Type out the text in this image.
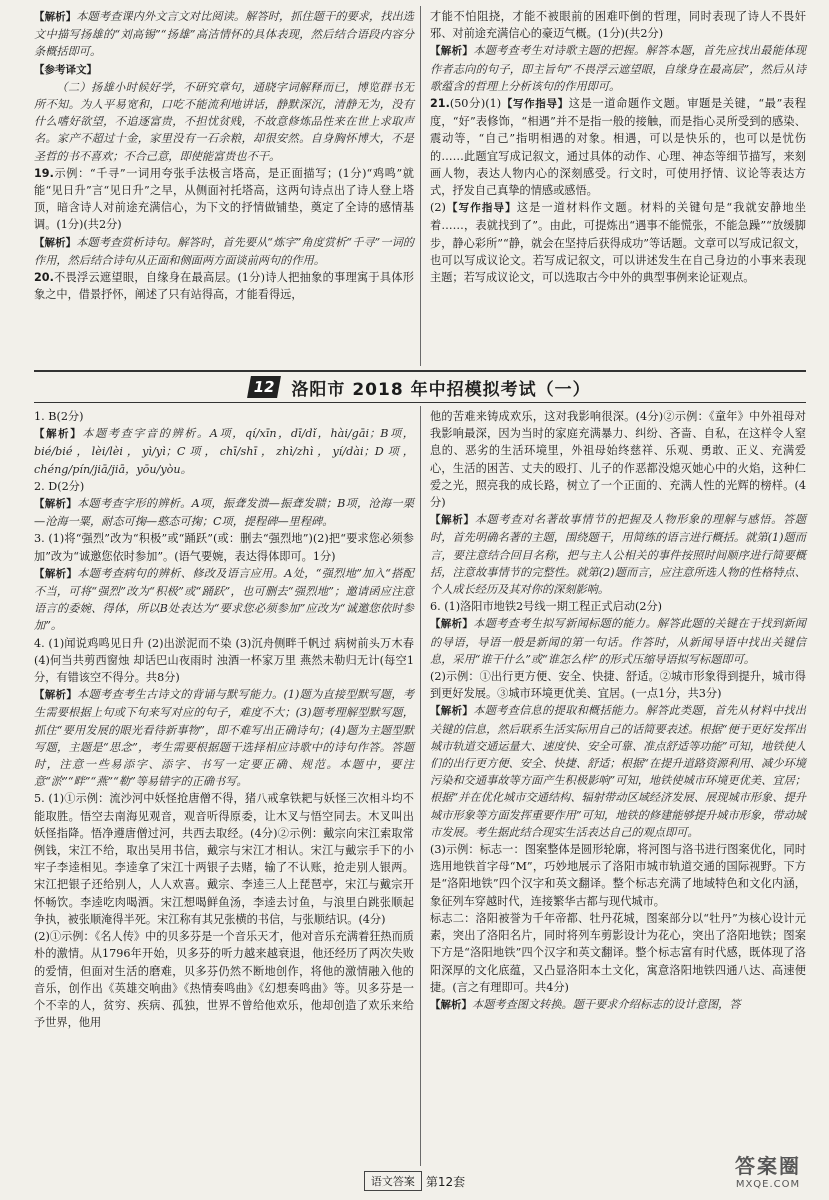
【解析】本题考查课内外文言文对比阅读。解答时，抓住题干的要求，找出选文中描写扬雄的“刘高锡”“扬雄”高洁情怀的具体表现，然后结合语段内容分条概括即可。

【参考译文】

（二）扬雄小时候好学，不研究章句，通晓字词解释而已，博览群书无所不知。为人平易宽和，口吃不能流利地讲话，静默深沉，清静无为，没有什么嗜好欲望，不追逐富贵，不担忧贫贱，不故意修炼品性来在世上求取声名。家产不超过十金，家里没有一石余粮，却很安然。自身胸怀博大，不是圣哲的书不喜欢；不合己意，即使能富贵也不干。

19.示例：“千寻”一词用夸张手法极言塔高，是正面描写；(1分)“鸡鸣”就能“见日升”言“见日升”之早，从侧面衬托塔高，这两句诗点出了诗人登上塔顶，暗含诗人对前途充满信心，为下文的抒情做铺垫，奠定了全诗的感情基调。(1分)(共2分)

【解析】本题考查赏析诗句。解答时，首先要从“炼字”角度赏析“千寻”一词的作用，然后结合诗句从正面和侧面两方面谈前两句的作用。

20.不畏浮云遮望眼，自缘身在最高层。(1分)诗人把抽象的事理寓于具体形象之中，借景抒怀，阐述了只有站得高，才能看得远，

才能不怕阻挠，才能不被眼前的困难吓倒的哲理，同时表现了诗人不畏奸邪、对前途充满信心的豪迈气概。(1分)(共2分)

【解析】本题考查考生对诗歌主题的把握。解答本题，首先应找出最能体现作者志向的句子，即主旨句“不畏浮云遮望眼，自缘身在最高层”，然后从诗歌蕴含的哲理上分析该句的作用即可。

21.(50分)(1)【写作指导】这是一道命题作文题。审题是关键，“最”表程度，“好”表修饰，“相遇”并不是指一般的接触，而是指心灵所受到的感染、震动等，“自己”指明相遇的对象。相遇，可以是快乐的，也可以是忧伤的……此题宜写成记叙文，通过具体的动作、心理、神态等细节描写，来刻画人物，表达人物内心的深刻感受。行文时，可使用抒情、议论等表达方式，抒发自己真挚的情感或感悟。

(2)【写作指导】这是一道材料作文题。材料的关键句是“我就安静地坐着……，表就找到了”。由此，可提炼出“遇事不能慌张，不能急躁”“放缓脚步，静心彩所”“静，就会在坚持后获得成功”等话题。文章可以写成记叙文，也可以写成议论文。若写成记叙文，可以讲述发生在自己身边的小事来表现主题；若写成议论文，可以选取古今中外的典型事例来论证观点。

12 洛阳市 2018 年中招模拟考试（一）

1. B(2分)

【解析】本题考查字音的辨析。A项，qí/xīn，dī/dǐ，hài/gāi；B项，bié/bié，lèi/lèi，yì/yì；C项，chī/shī，zhì/zhì，yí/dài；D项，chéng/pín/jiā/jiā，yōu/yòu。

2. D(2分)

【解析】本题考查字形的辨析。A项，振聋发溃—振聋发聩；B项，沧海一栗—沧海一粟，耐态可掬—憨态可掬；C项，提程碑—里程碑。

3. (1)将“强烈”改为“积极”或“踊跃”(或：删去“强烈地”)(2)把“要求您必须参加”改为“诚邀您依时参加”。(语气要婉，表达得体即可。1分)

【解析】本题考查病句的辨析、修改及语言应用。A处，“强烈地”加入“搭配不当，可将“强烈”改为“积极”或“踊跃”，也可删去“强烈地”；邀请函应注意语言的委婉、得体，所以B处表达为“要求您必须参加”应改为“诚邀您依时参加”。

4. (1)闻说鸡鸣见日升 (2)出淤泥而不染 (3)沉舟侧畔千帆过 病树前头万木春 (4)何当共剪西窗烛 却话巴山夜雨时 浊酒一杯家万里 燕然未勒归无计(每空1分，有错该空不得分。共8分)

【解析】本题考查考生古诗文的背诵与默写能力。(1)题为直接型默写题，考生需要根据上句或下句来写对应的句子，难度不大；(3)题考理解型默写题，抓住“要用发展的眼光看待新事物”，即不难写出正确诗句；(4)题为主题型默写题，主题是“思念”，考生需要根据题干选择相应诗歌中的诗句作答。答题时，注意一些易添字、添字、书写一定要正确、规范。本题中，要注意“淤”“畔”“燕”“勒”等易错字的正确书写。

5. (1)①示例：流沙河中妖怪抢唐僧不得，猪八戒拿铁耙与妖怪三次相斗均不能取胜。悟空去南海见观音，观音听得原委，让木叉与悟空同去。木叉叫出妖怪指降。悟净遵唐僧过河，共西去取经。(4分)②示例：戴宗向宋江索取常例钱，宋江不给，取出吴用书信，戴宗与宋江才相认。宋江与戴宗手下的小牢子李逵相见。李逵拿了宋江十两银子去赌，输了不认账，抢走别人银两。宋江把银子还给别人，人人欢喜。戴宗、李逵三人上琵琶亭，宋江与戴宗开怀畅饮。李逵吃肉喝酒。宋江想喝鲜鱼汤，李逵去讨鱼，与浪里白跳张顺起争执，被张顺淹得半死。宋江称有其兄张横的书信，与张顺结识。(4分)

(2)①示例：《名人传》中的贝多芬是一个音乐天才，他对音乐充满着狂热而质朴的激情。从1796年开始，贝多芬的听力越来越衰退，他还经历了两次失败的爱情，但面对生活的磨难，贝多芬仍然不断地创作，将他的激情融入他的音乐，创作出《英雄交响曲》《热情奏鸣曲》《幻想奏鸣曲》等。贝多芬是一个不幸的人，贫穷、疾病、孤独，世界不曾给他欢乐，他却创造了欢乐来给予世界，他用

他的苦难来铸成欢乐，这对我影响很深。(4分)②示例：《童年》中外祖母对我影响最深，因为当时的家庭充满暴力、纠纷、吝啬、自私，在这样令人窒息的、恶劣的生活环境里，外祖母始终慈祥、乐观、勇敢、正义、充满爱心，生活的困苦、丈夫的殴打、儿子的作恶都没熄灭她心中的火焰，这种仁爱之光，照亮我的成长路，树立了一个正面的、充满人性的光辉的榜样。(4分)

【解析】本题考查对名著故事情节的把握及人物形象的理解与感悟。答题时，首先明确名著的主题，围绕题干，用简练的语言进行概括。就第(1)题而言，要注意结合回目名称，把与主人公相关的事件按照时间顺序进行简要概括，注意故事情节的完整性。就第(2)题而言，应注意所选人物的性格特点、个人成长经历及其对你的深刻影响。

6. (1)洛阳市地铁2号线一期工程正式启动(2分)

【解析】本题考查考生拟写新闻标题的能力。解答此题的关键在于找到新闻的导语，导语一般是新闻的第一句话。作答时，从新闻导语中找出关键信息，采用“谁干什么”或“谁怎么样”的形式压缩导语拟写标题即可。

(2)示例：①出行更方便、安全、快捷、舒适。②城市形象得到提升，城市得到更好发展。③城市环境更优美、宜居。(一点1分，共3分)

【解析】本题考查信息的提取和概括能力。解答此类题，首先从材料中找出关键的信息，然后联系生活实际用自己的话简要表述。根据“便于更好发挥出城市轨道交通运量大、速度快、安全可靠、准点舒适等功能”可知，地铁使人们的出行更方便、安全、快捷、舒适；根据“在提升道路资源利用、减少环境污染和交通事故等方面产生积极影响”可知，地铁使城市环境更优美、宜居；根据“并在优化城市交通结构、辐射带动区域经济发展、展现城市形象、提升城市形象等方面发挥重要作用”可知，地铁的修建能够提升城市形象，带动城市发展。考生据此结合现实生活表达自己的观点即可。

(3)示例：标志一：图案整体是圆形轮廓，将河图与洛书进行图案优化，同时选用地铁首字母“M”，巧妙地展示了洛阳市城市轨道交通的国际视野。下方是“洛阳地铁”四个汉字和英文翻译。整个标志充满了地域特色和文化内涵，象征列车穿越时代，连接繁华古都与现代城市。

标志二：洛阳被誉为千年帝都、牡丹花城，图案部分以“牡丹”为核心设计元素，突出了洛阳名片，同时将列车剪影设计为花心，突出了洛阳地铁；图案下方是“洛阳地铁”四个汉字和英文翻译。整个标志富有时代感，既体现了洛阳深厚的文化底蕴，又凸显洛阳本土文化，寓意洛阳地铁四通八达、高速便捷。(言之有理即可。共4分)

【解析】本题考查图文转换。题干要求介绍标志的设计意图，答

语文答案 第12套
答案圈
MXQE.COM
